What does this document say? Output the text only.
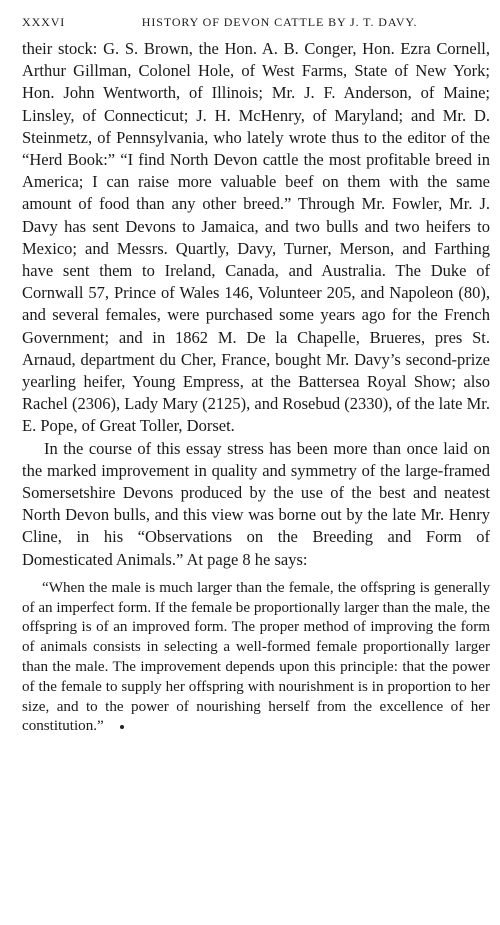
XXXVI	HISTORY OF DEVON CATTLE BY J. T. DAVY.

their stock: G. S. Brown, the Hon. A. B. Conger, Hon. Ezra Cornell, Arthur Gillman, Colonel Hole, of West Farms, State of New York; Hon. John Wentworth, of Illinois; Mr. J. F. Anderson, of Maine; Linsley, of Connecticut; J. H. McHenry, of Maryland; and Mr. D. Steinmetz, of Pennsylvania, who lately wrote thus to the editor of the “Herd Book:” “I find North Devon cattle the most profitable breed in America; I can raise more valuable beef on them with the same amount of food than any other breed.” Through Mr. Fowler, Mr. J. Davy has sent Devons to Jamaica, and two bulls and two heifers to Mexico; and Messrs. Quartly, Davy, Turner, Merson, and Farthing have sent them to Ireland, Canada, and Australia. The Duke of Cornwall 57, Prince of Wales 146, Volunteer 205, and Napoleon (80), and several females, were purchased some years ago for the French Government; and in 1862 M. De la Chapelle, Brueres, pres St. Arnaud, department du Cher, France, bought Mr. Davy’s second-prize yearling heifer, Young Empress, at the Battersea Royal Show; also Rachel (2306), Lady Mary (2125), and Rosebud (2330), of the late Mr. E. Pope, of Great Toller, Dorset.

In the course of this essay stress has been more than once laid on the marked improvement in quality and symmetry of the large-framed Somersetshire Devons produced by the use of the best and neatest North Devon bulls, and this view was borne out by the late Mr. Henry Cline, in his “Observations on the Breeding and Form of Domesticated Animals.” At page 8 he says:

“When the male is much larger than the female, the offspring is generally of an imperfect form. If the female be proportionally larger than the male, the offspring is of an improved form. The proper method of improving the form of animals consists in selecting a well-formed female proportionally larger than the male. The improvement depends upon this principle: that the power of the female to supply her offspring with nourishment is in proportion to her size, and to the power of nourishing herself from the excellence of her constitution.”
